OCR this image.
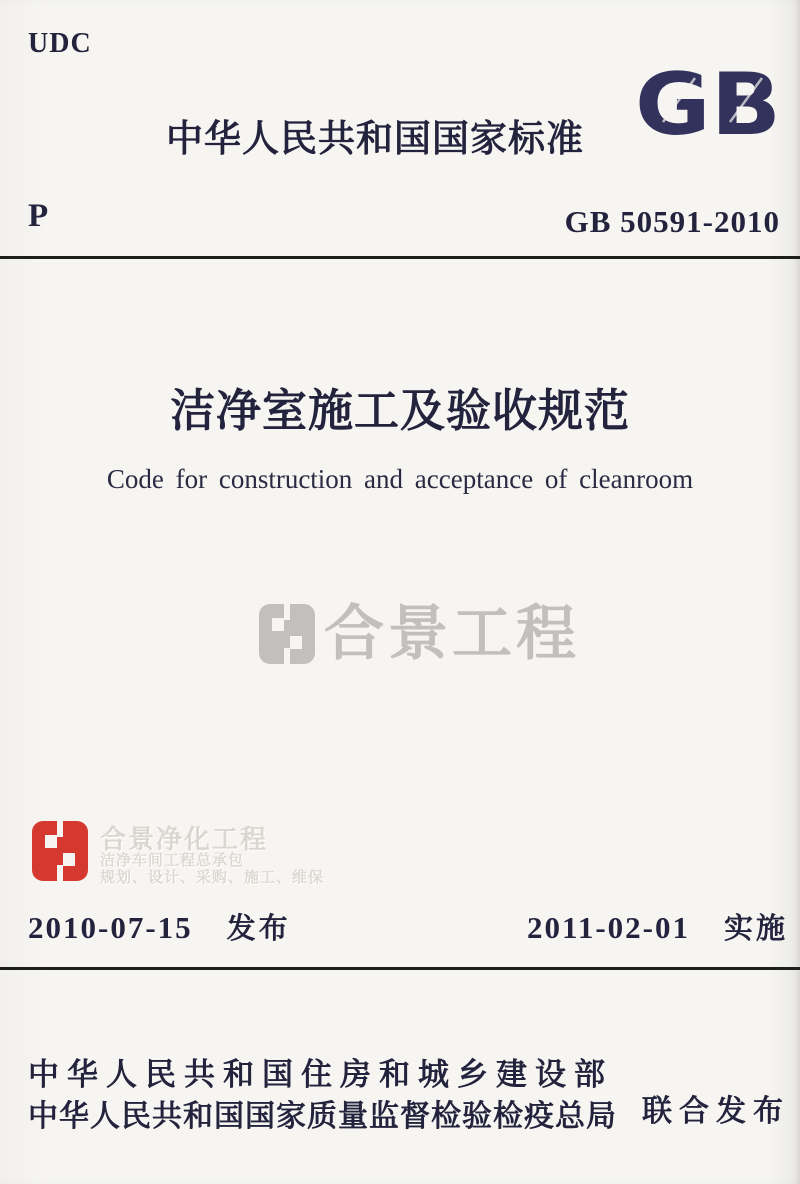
UDC
中华人民共和国国家标准 GB
P	GB 50591-2010
洁净室施工及验收规范
Code for construction and acceptance of cleanroom
合景工程
合景净化工程
洁净车间工程总承包
规划、设计、采购、施工、维保
2010-07-15 发布	2011-02-01 实施
中华人民共和国住房和城乡建设部
中华人民共和国国家质量监督检验检疫总局 联合发布
